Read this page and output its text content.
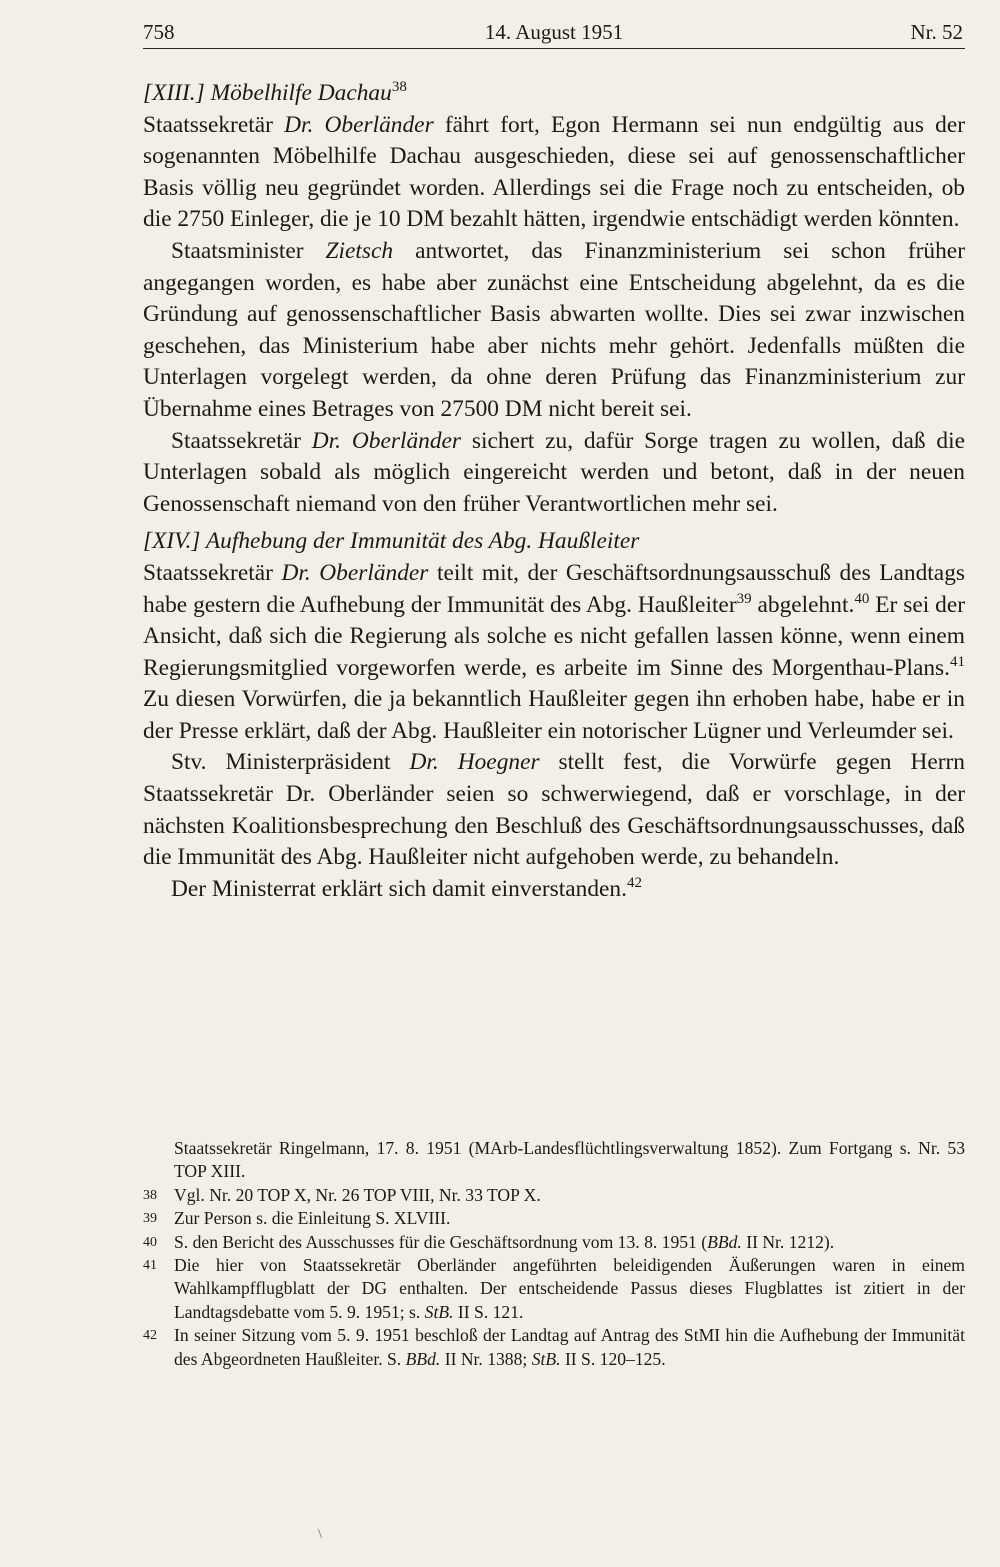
758	14. August 1951	Nr. 52

[XIII.] Möbelhilfe Dachau$^{38}$

Staatssekretär Dr. Oberländer fährt fort, Egon Hermann sei nun endgültig aus der sogenannten Möbelhilfe Dachau ausgeschieden, diese sei auf genossenschaftlicher Basis völlig neu gegründet worden. Allerdings sei die Frage noch zu entscheiden, ob die 2750 Einleger, die je 10 DM bezahlt hätten, irgendwie entschädigt werden könnten.

Staatsminister Zietsch antwortet, das Finanzministerium sei schon früher angegangen worden, es habe aber zunächst eine Entscheidung abgelehnt, da es die Gründung auf genossenschaftlicher Basis abwarten wollte. Dies sei zwar inzwischen geschehen, das Ministerium habe aber nichts mehr gehört. Jedenfalls müßten die Unterlagen vorgelegt werden, da ohne deren Prüfung das Finanzministerium zur Übernahme eines Betrages von 27500 DM nicht bereit sei.

Staatssekretär Dr. Oberländer sichert zu, dafür Sorge tragen zu wollen, daß die Unterlagen sobald als möglich eingereicht werden und betont, daß in der neuen Genossenschaft niemand von den früher Verantwortlichen mehr sei.

[XIV.] Aufhebung der Immunität des Abg. Haußleiter

Staatssekretär Dr. Oberländer teilt mit, der Geschäftsordnungsausschuß des Landtags habe gestern die Aufhebung der Immunität des Abg. Haußleiter$^{39}$ abgelehnt.$^{40}$ Er sei der Ansicht, daß sich die Regierung als solche es nicht gefallen lassen könne, wenn einem Regierungsmitglied vorgeworfen werde, es arbeite im Sinne des Morgenthau-Plans.$^{41}$ Zu diesen Vorwürfen, die ja bekanntlich Haußleiter gegen ihn erhoben habe, habe er in der Presse erklärt, daß der Abg. Haußleiter ein notorischer Lügner und Verleumder sei.

Stv. Ministerpräsident Dr. Hoegner stellt fest, die Vorwürfe gegen Herrn Staatssekretär Dr. Oberländer seien so schwerwiegend, daß er vorschlage, in der nächsten Koalitionsbesprechung den Beschluß des Geschäftsordnungsausschusses, daß die Immunität des Abg. Haußleiter nicht aufgehoben werde, zu behandeln.

Der Ministerrat erklärt sich damit einverstanden.$^{42}$

Staatssekretär Ringelmann, 17. 8. 1951 (MArb-Landesflüchtlingsverwaltung 1852). Zum Fortgang s. Nr. 53 TOP XIII.

38 Vgl. Nr. 20 TOP X, Nr. 26 TOP VIII, Nr. 33 TOP X.

39 Zur Person s. die Einleitung S. XLVIII.

40 S. den Bericht des Ausschusses für die Geschäftsordnung vom 13. 8. 1951 (BBd. II Nr. 1212).

41 Die hier von Staatssekretär Oberländer angeführten beleidigenden Äußerungen waren in einem Wahlkampfflugblatt der DG enthalten. Der entscheidende Passus dieses Flugblattes ist zitiert in der Landtagsdebatte vom 5. 9. 1951; s. StB. II S. 121.

42 In seiner Sitzung vom 5. 9. 1951 beschloß der Landtag auf Antrag des StMI hin die Aufhebung der Immunität des Abgeordneten Haußleiter. S. BBd. II Nr. 1388; StB. II S. 120–125.

\
